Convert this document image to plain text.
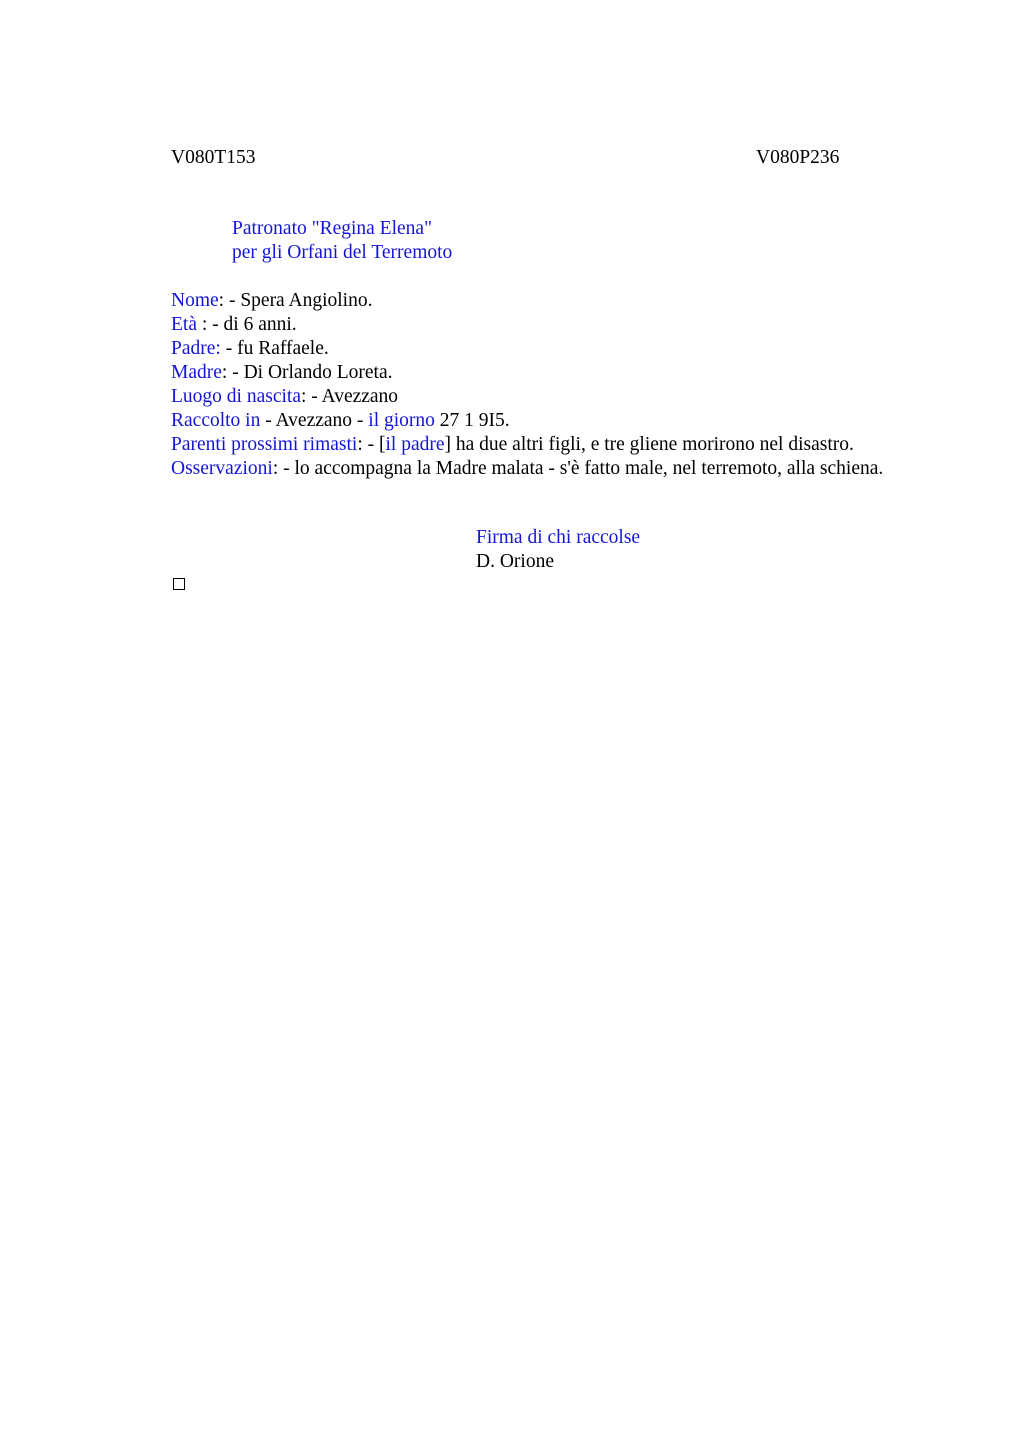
V080T153	V080P236
Patronato "Regina Elena"
per gli Orfani del Terremoto
Nome: - Spera Angiolino.
Età : - di 6 anni.
Padre: - fu Raffaele.
Madre: - Di Orlando Loreta.
Luogo di nascita: - Avezzano
Raccolto in - Avezzano - il giorno 27 1 9I5.
Parenti prossimi rimasti: - [il padre] ha due altri figli, e tre gliene morirono nel disastro.
Osservazioni: - lo accompagna la Madre malata - s'è fatto male, nel terremoto, alla schiena.
Firma di chi raccolse
D. Orione
